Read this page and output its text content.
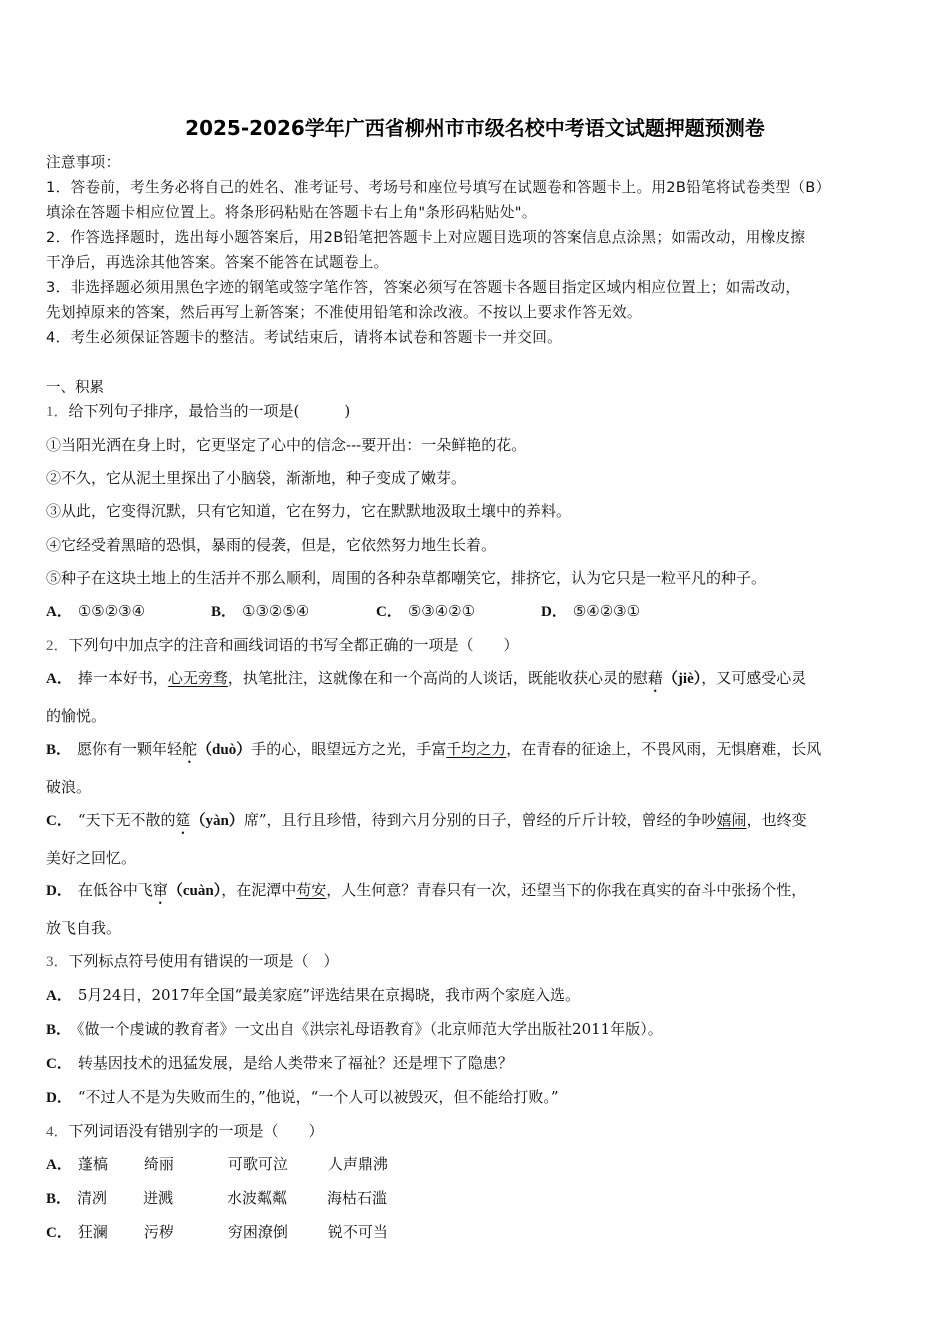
2025-2026学年广西省柳州市市级名校中考语文试题押题预测卷

注意事项：

1．答卷前，考生务必将自己的姓名、准考证号、考场号和座位号填写在试题卷和答题卡上。用2B铅笔将试卷类型（B）

填涂在答题卡相应位置上。将条形码粘贴在答题卡右上角"条形码粘贴处"。

2．作答选择题时，选出每小题答案后，用2B铅笔把答题卡上对应题目选项的答案信息点涂黑；如需改动，用橡皮擦

干净后，再选涂其他答案。答案不能答在试题卷上。

3．非选择题必须用黑色字迹的钢笔或签字笔作答，答案必须写在答题卡各题目指定区域内相应位置上；如需改动，

先划掉原来的答案，然后再写上新答案；不准使用铅笔和涂改液。不按以上要求作答无效。

4．考生必须保证答题卡的整洁。考试结束后，请将本试卷和答题卡一并交回。

一、积累
1．给下列句子排序，最恰当的一项是(　　　)
①当阳光洒在身上时，它更坚定了心中的信念---要开出：一朵鲜艳的花。
②不久，它从泥土里探出了小脑袋，渐渐地，种子变成了嫩芽。
③从此，它变得沉默，只有它知道，它在努力，它在默默地汲取土壤中的养料。
④它经受着黑暗的恐惧，暴雨的侵袭，但是，它依然努力地生长着。
⑤种子在这块土地上的生活并不那么顺利，周围的各种杂草都嘲笑它，排挤它，认为它只是一粒平凡的种子。
A． ①⑤②③④	B． ①③②⑤④	C． ⑤③④②①	D． ⑤④②③①
2．下列句中加点字的注音和画线词语的书写全都正确的一项是（　　）
A． 捧一本好书，心无旁骛，执笔批注，这就像在和一个高尚的人谈话，既能收获心灵的慰藉（jiè），又可感受心灵
的愉悦。
B． 愿你有一颗年轻舵（duò）手的心，眼望远方之光，手富千均之力，在青春的征途上，不畏风雨，无惧磨难，长风
破浪。
C． “天下无不散的筵（yàn）席”，且行且珍惜，待到六月分别的日子，曾经的斤斤计较，曾经的争吵嬉闹，也终变
美好之回忆。
D． 在低谷中飞窜（cuàn），在泥潭中苟安，人生何意？青春只有一次，还望当下的你我在真实的奋斗中张扬个性，
放飞自我。
3．下列标点符号使用有错误的一项是（　）
A． 5月24日，2017年全国“最美家庭”评选结果在京揭晓，我市两个家庭入选。
B． 《做一个虔诚的教育者》一文出自《洪宗礼母语教育》（北京师范大学出版社2011年版）。
C． 转基因技术的迅猛发展，是给人类带来了福祉？还是埋下了隐患？
D． “不过人不是为失败而生的，”他说，“一个人可以被毁灭，但不能给打败。”
4．下列词语没有错别字的一项是（　　）
A． 蓬槁 绮丽	可歌可泣	人声鼎沸
B． 清冽 迸溅	水波粼粼	海枯石滥
C． 狂澜 污秽	穷困潦倒	锐不可当
